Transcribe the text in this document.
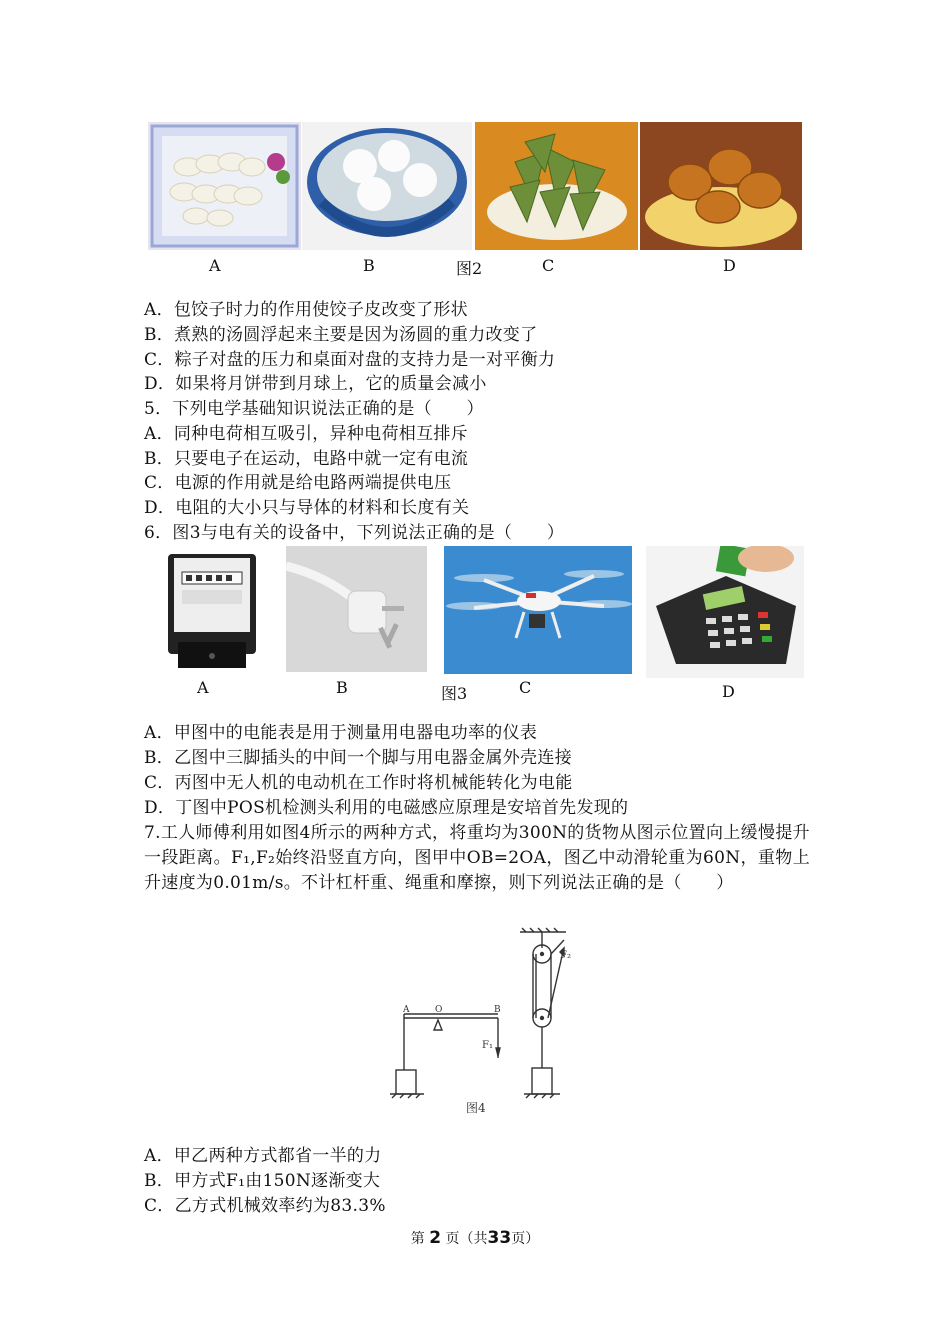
A	B	图2	C	D
A．包饺子时力的作用使饺子皮改变了形状
B．煮熟的汤圆浮起来主要是因为汤圆的重力改变了
C．粽子对盘的压力和桌面对盘的支持力是一对平衡力
D．如果将月饼带到月球上，它的质量会减小
5．下列电学基础知识说法正确的是（　　）
A．同种电荷相互吸引，异种电荷相互排斥
B．只要电子在运动，电路中就一定有电流
C．电源的作用就是给电路两端提供电压
D．电阻的大小只与导体的材料和长度有关
6．图3与电有关的设备中，下列说法正确的是（　　）
A	B	图3	C	D
A．甲图中的电能表是用于测量用电器电功率的仪表
B．乙图中三脚插头的中间一个脚与用电器金属外壳连接
C．丙图中无人机的电动机在工作时将机械能转化为电能
D．丁图中POS机检测头利用的电磁感应原理是安培首先发现的
7.工人师傅利用如图4所示的两种方式，将重均为300N的货物从图示位置向上缓慢提升一段距离。F₁,F₂始终沿竖直方向，图甲中OB=2OA，图乙中动滑轮重为60N，重物上升速度为0.01m/s。不计杠杆重、绳重和摩擦，则下列说法正确的是（　　）
A	O	B
F₁
F₂
图4
A．甲乙两种方式都省一半的力
B．甲方式F₁由150N逐渐变大
C．乙方式机械效率约为83.3%
第 2 页（共33页）
